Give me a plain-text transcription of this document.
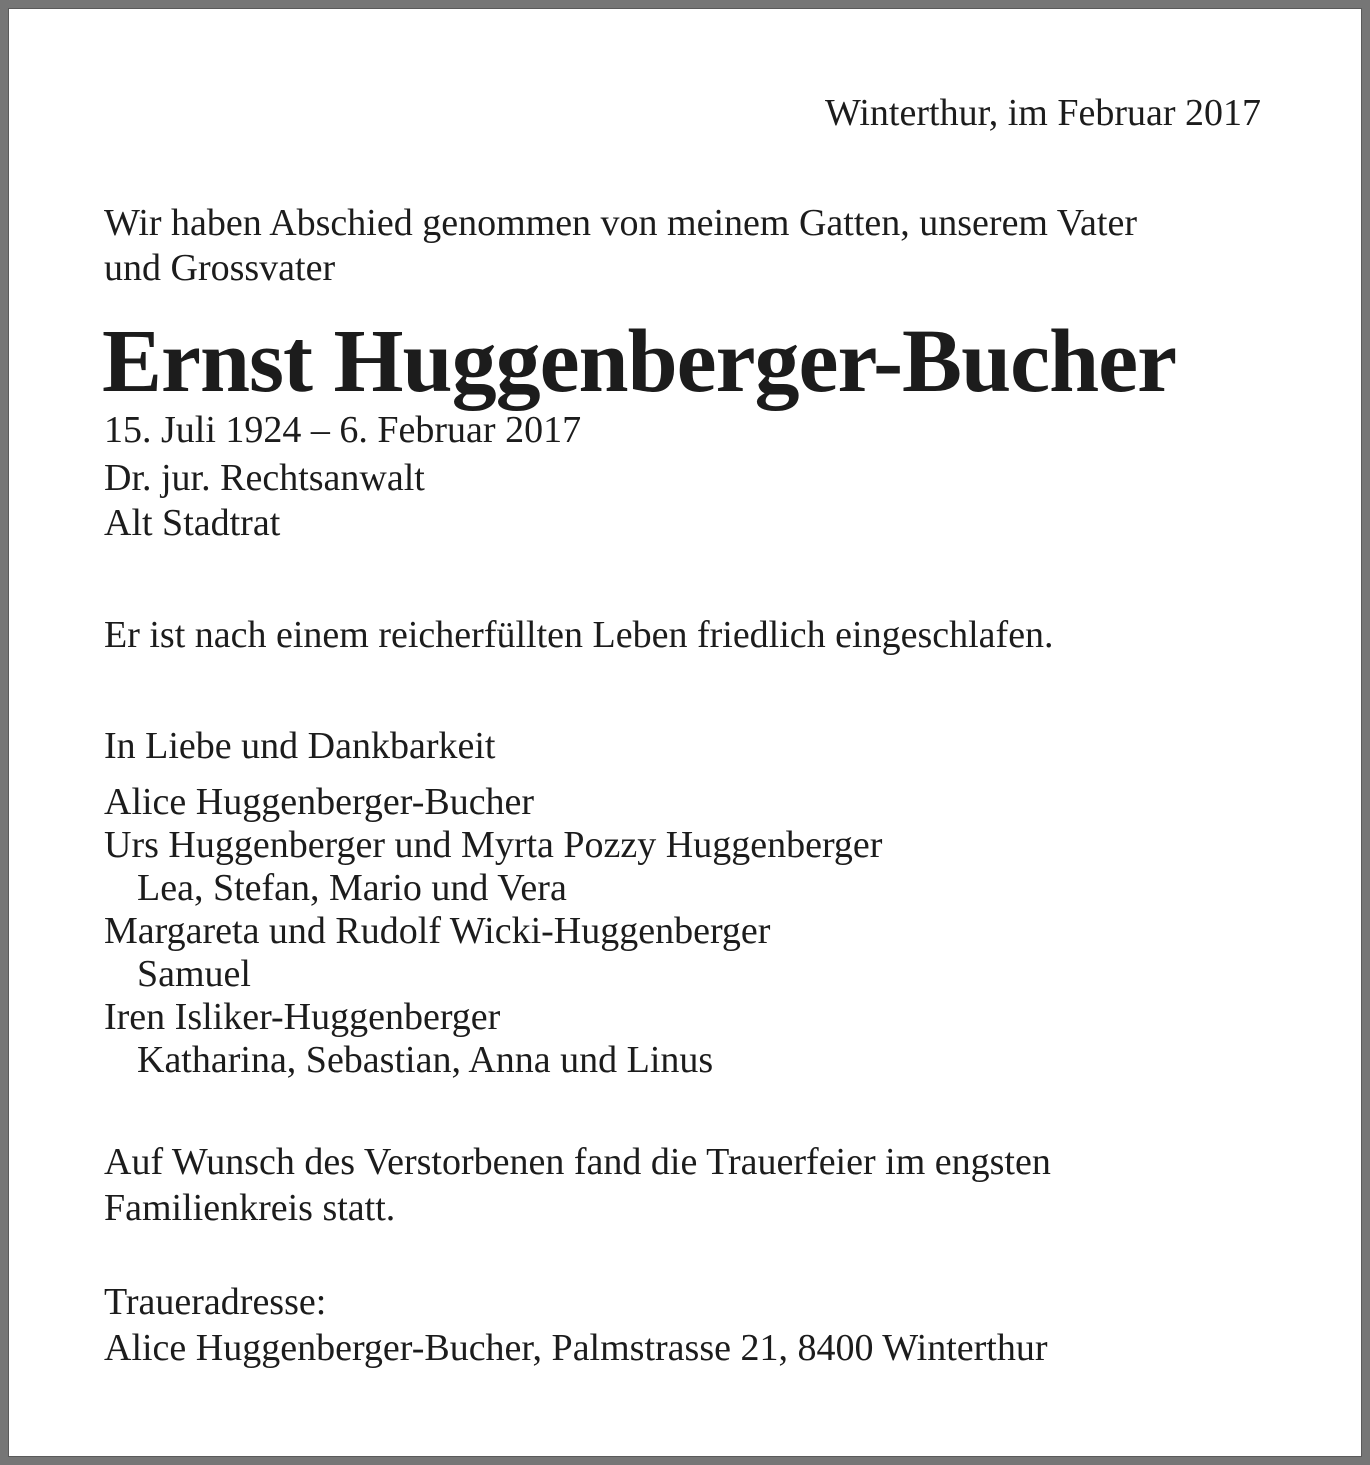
Winterthur, im Februar 2017
Wir haben Abschied genommen von meinem Gatten, unserem Vater
und Grossvater
Ernst Huggenberger-Bucher
15. Juli 1924 – 6. Februar 2017
Dr. jur. Rechtsanwalt
Alt Stadtrat
Er ist nach einem reicherfüllten Leben friedlich eingeschlafen.
In Liebe und Dankbarkeit
Alice Huggenberger-Bucher
Urs Huggenberger und Myrta Pozzy Huggenberger
Lea, Stefan, Mario und Vera
Margareta und Rudolf Wicki-Huggenberger
Samuel
Iren Isliker-Huggenberger
Katharina, Sebastian, Anna und Linus
Auf Wunsch des Verstorbenen fand die Trauerfeier im engsten
Familienkreis statt.
Traueradresse:
Alice Huggenberger-Bucher, Palmstrasse 21, 8400 Winterthur
